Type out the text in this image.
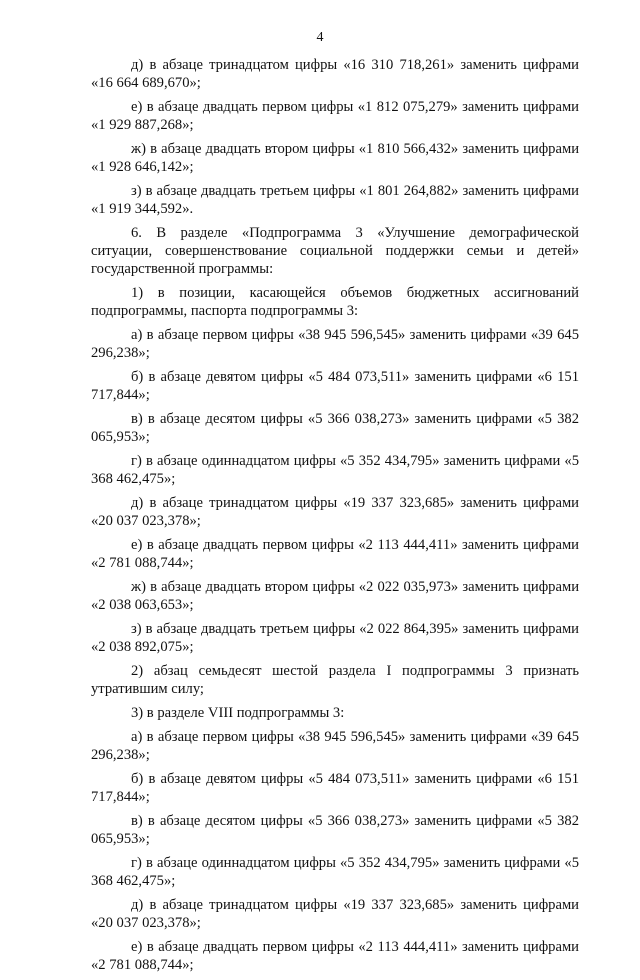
4

д) в абзаце тринадцатом цифры «16 310 718,261» заменить цифрами «16 664 689,670»;

е) в абзаце двадцать первом цифры «1 812 075,279» заменить цифрами «1 929 887,268»;

ж) в абзаце двадцать втором цифры «1 810 566,432» заменить цифрами «1 928 646,142»;

з) в абзаце двадцать третьем цифры «1 801 264,882» заменить цифрами «1 919 344,592».

6. В разделе «Подпрограмма 3 «Улучшение демографической ситуации, совершенствование социальной поддержки семьи и детей» государственной программы:

1) в позиции, касающейся объемов бюджетных ассигнований подпрограммы, паспорта подпрограммы 3:

а) в абзаце первом цифры «38 945 596,545» заменить цифрами «39 645 296,238»;

б) в абзаце девятом цифры «5 484 073,511» заменить цифрами «6 151 717,844»;

в) в абзаце десятом цифры «5 366 038,273» заменить цифрами «5 382 065,953»;

г) в абзаце одиннадцатом цифры «5 352 434,795» заменить цифрами «5 368 462,475»;

д) в абзаце тринадцатом цифры «19 337 323,685» заменить цифрами «20 037 023,378»;

е) в абзаце двадцать первом цифры «2 113 444,411» заменить цифрами «2 781 088,744»;

ж) в абзаце двадцать втором цифры «2 022 035,973» заменить цифрами «2 038 063,653»;

з) в абзаце двадцать третьем цифры «2 022 864,395» заменить цифрами «2 038 892,075»;

2) абзац семьдесят шестой раздела I подпрограммы 3 признать утратившим силу;

3) в разделе VIII подпрограммы 3:

а) в абзаце первом цифры «38 945 596,545» заменить цифрами «39 645 296,238»;

б) в абзаце девятом цифры «5 484 073,511» заменить цифрами «6 151 717,844»;

в) в абзаце десятом цифры «5 366 038,273» заменить цифрами «5 382 065,953»;

г) в абзаце одиннадцатом цифры «5 352 434,795» заменить цифрами «5 368 462,475»;

д) в абзаце тринадцатом цифры «19 337 323,685» заменить цифрами «20 037 023,378»;

е) в абзаце двадцать первом цифры «2 113 444,411» заменить цифрами «2 781 088,744»;
